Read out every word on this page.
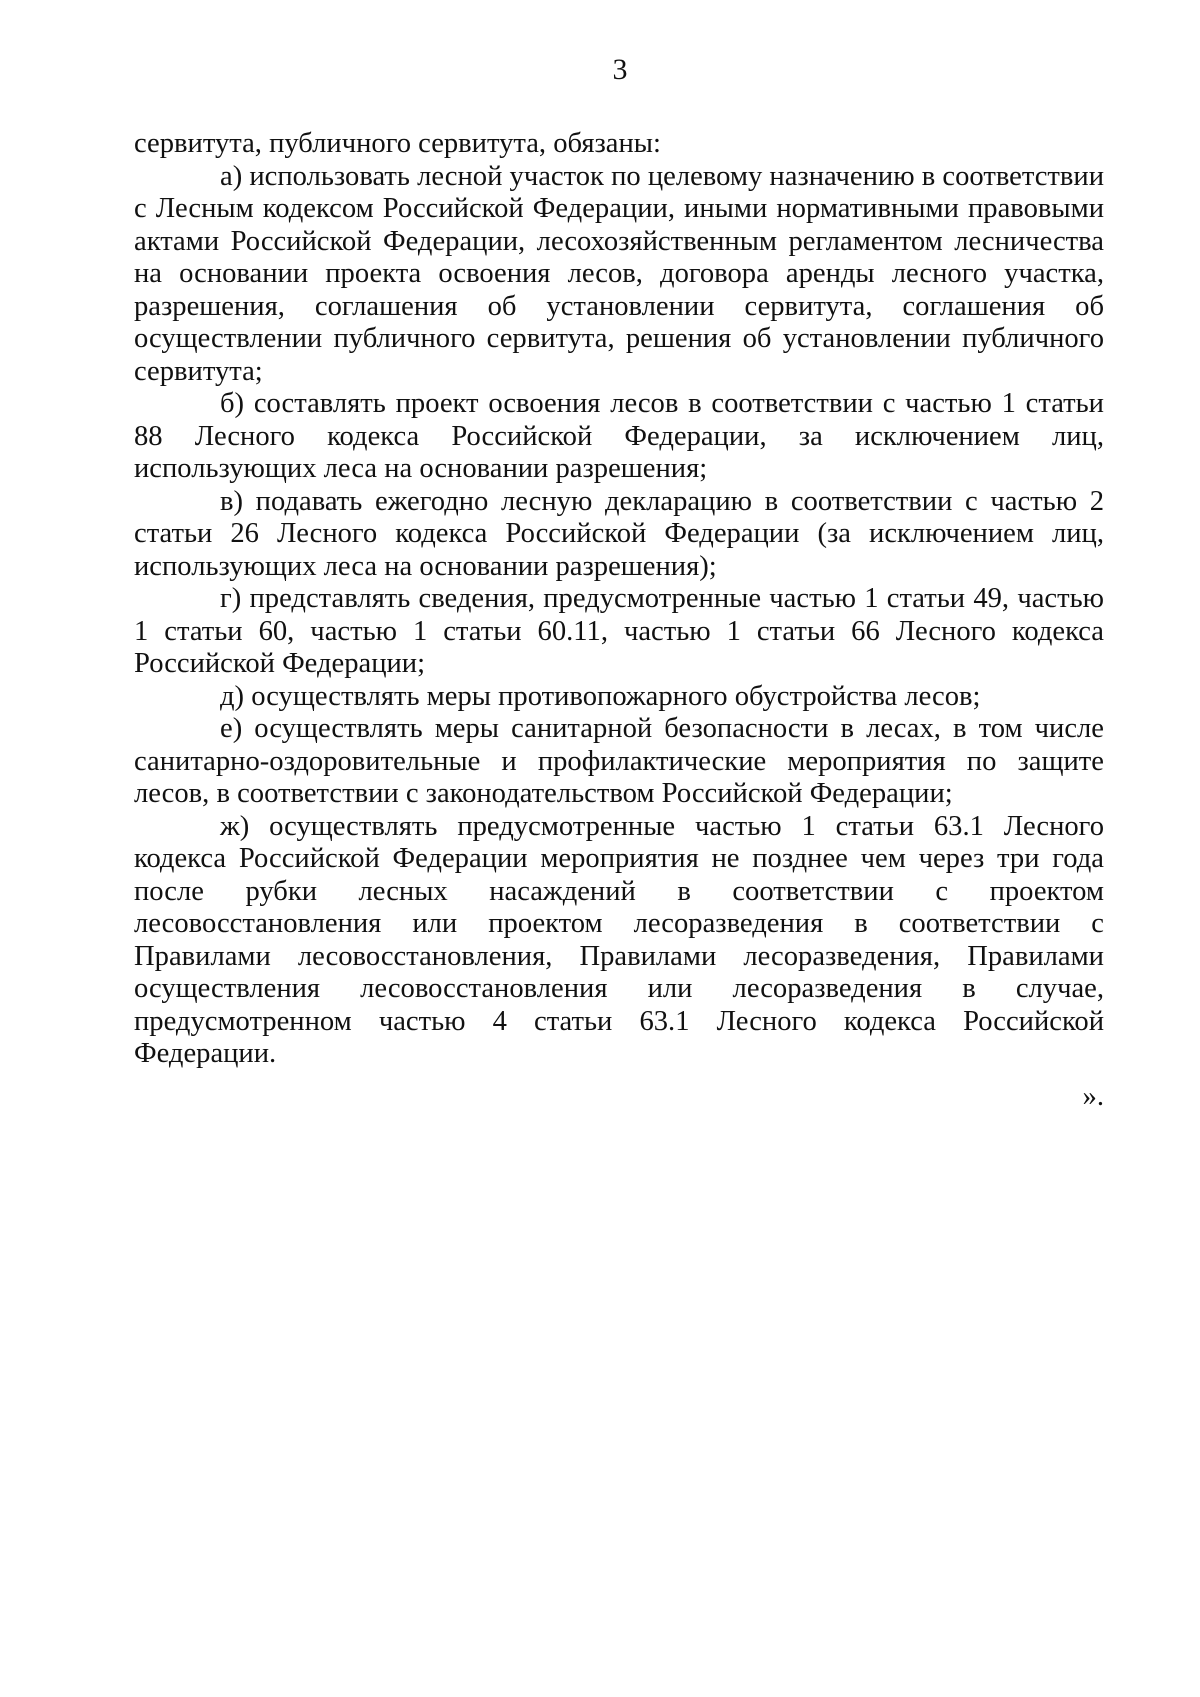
3

сервитута, публичного сервитута, обязаны:

а) использовать лесной участок по целевому назначению в соответствии с Лесным кодексом Российской Федерации, иными нормативными правовыми актами Российской Федерации, лесохозяйственным регламентом лесничества на основании проекта освоения лесов, договора аренды лесного участка, разрешения, соглашения об установлении сервитута, соглашения об осуществлении публичного сервитута, решения об установлении публичного сервитута;

б) составлять проект освоения лесов в соответствии с частью 1 статьи 88 Лесного кодекса Российской Федерации, за исключением лиц, использующих леса на основании разрешения;

в) подавать ежегодно лесную декларацию в соответствии с частью 2 статьи 26 Лесного кодекса Российской Федерации (за исключением лиц, использующих леса на основании разрешения);

г) представлять сведения, предусмотренные частью 1 статьи 49, частью 1 статьи 60, частью 1 статьи 60.11, частью 1 статьи 66 Лесного кодекса Российской Федерации;

д) осуществлять меры противопожарного обустройства лесов;

е) осуществлять меры санитарной безопасности в лесах, в том числе санитарно-оздоровительные и профилактические мероприятия по защите лесов, в соответствии с законодательством Российской Федерации;

ж) осуществлять предусмотренные частью 1 статьи 63.1 Лесного кодекса Российской Федерации мероприятия не позднее чем через три года после рубки лесных насаждений в соответствии с проектом лесовосстановления или проектом лесоразведения в соответствии с Правилами лесовосстановления, Правилами лесоразведения, Правилами осуществления лесовосстановления или лесоразведения в случае, предусмотренном частью 4 статьи 63.1 Лесного кодекса Российской Федерации.

».
